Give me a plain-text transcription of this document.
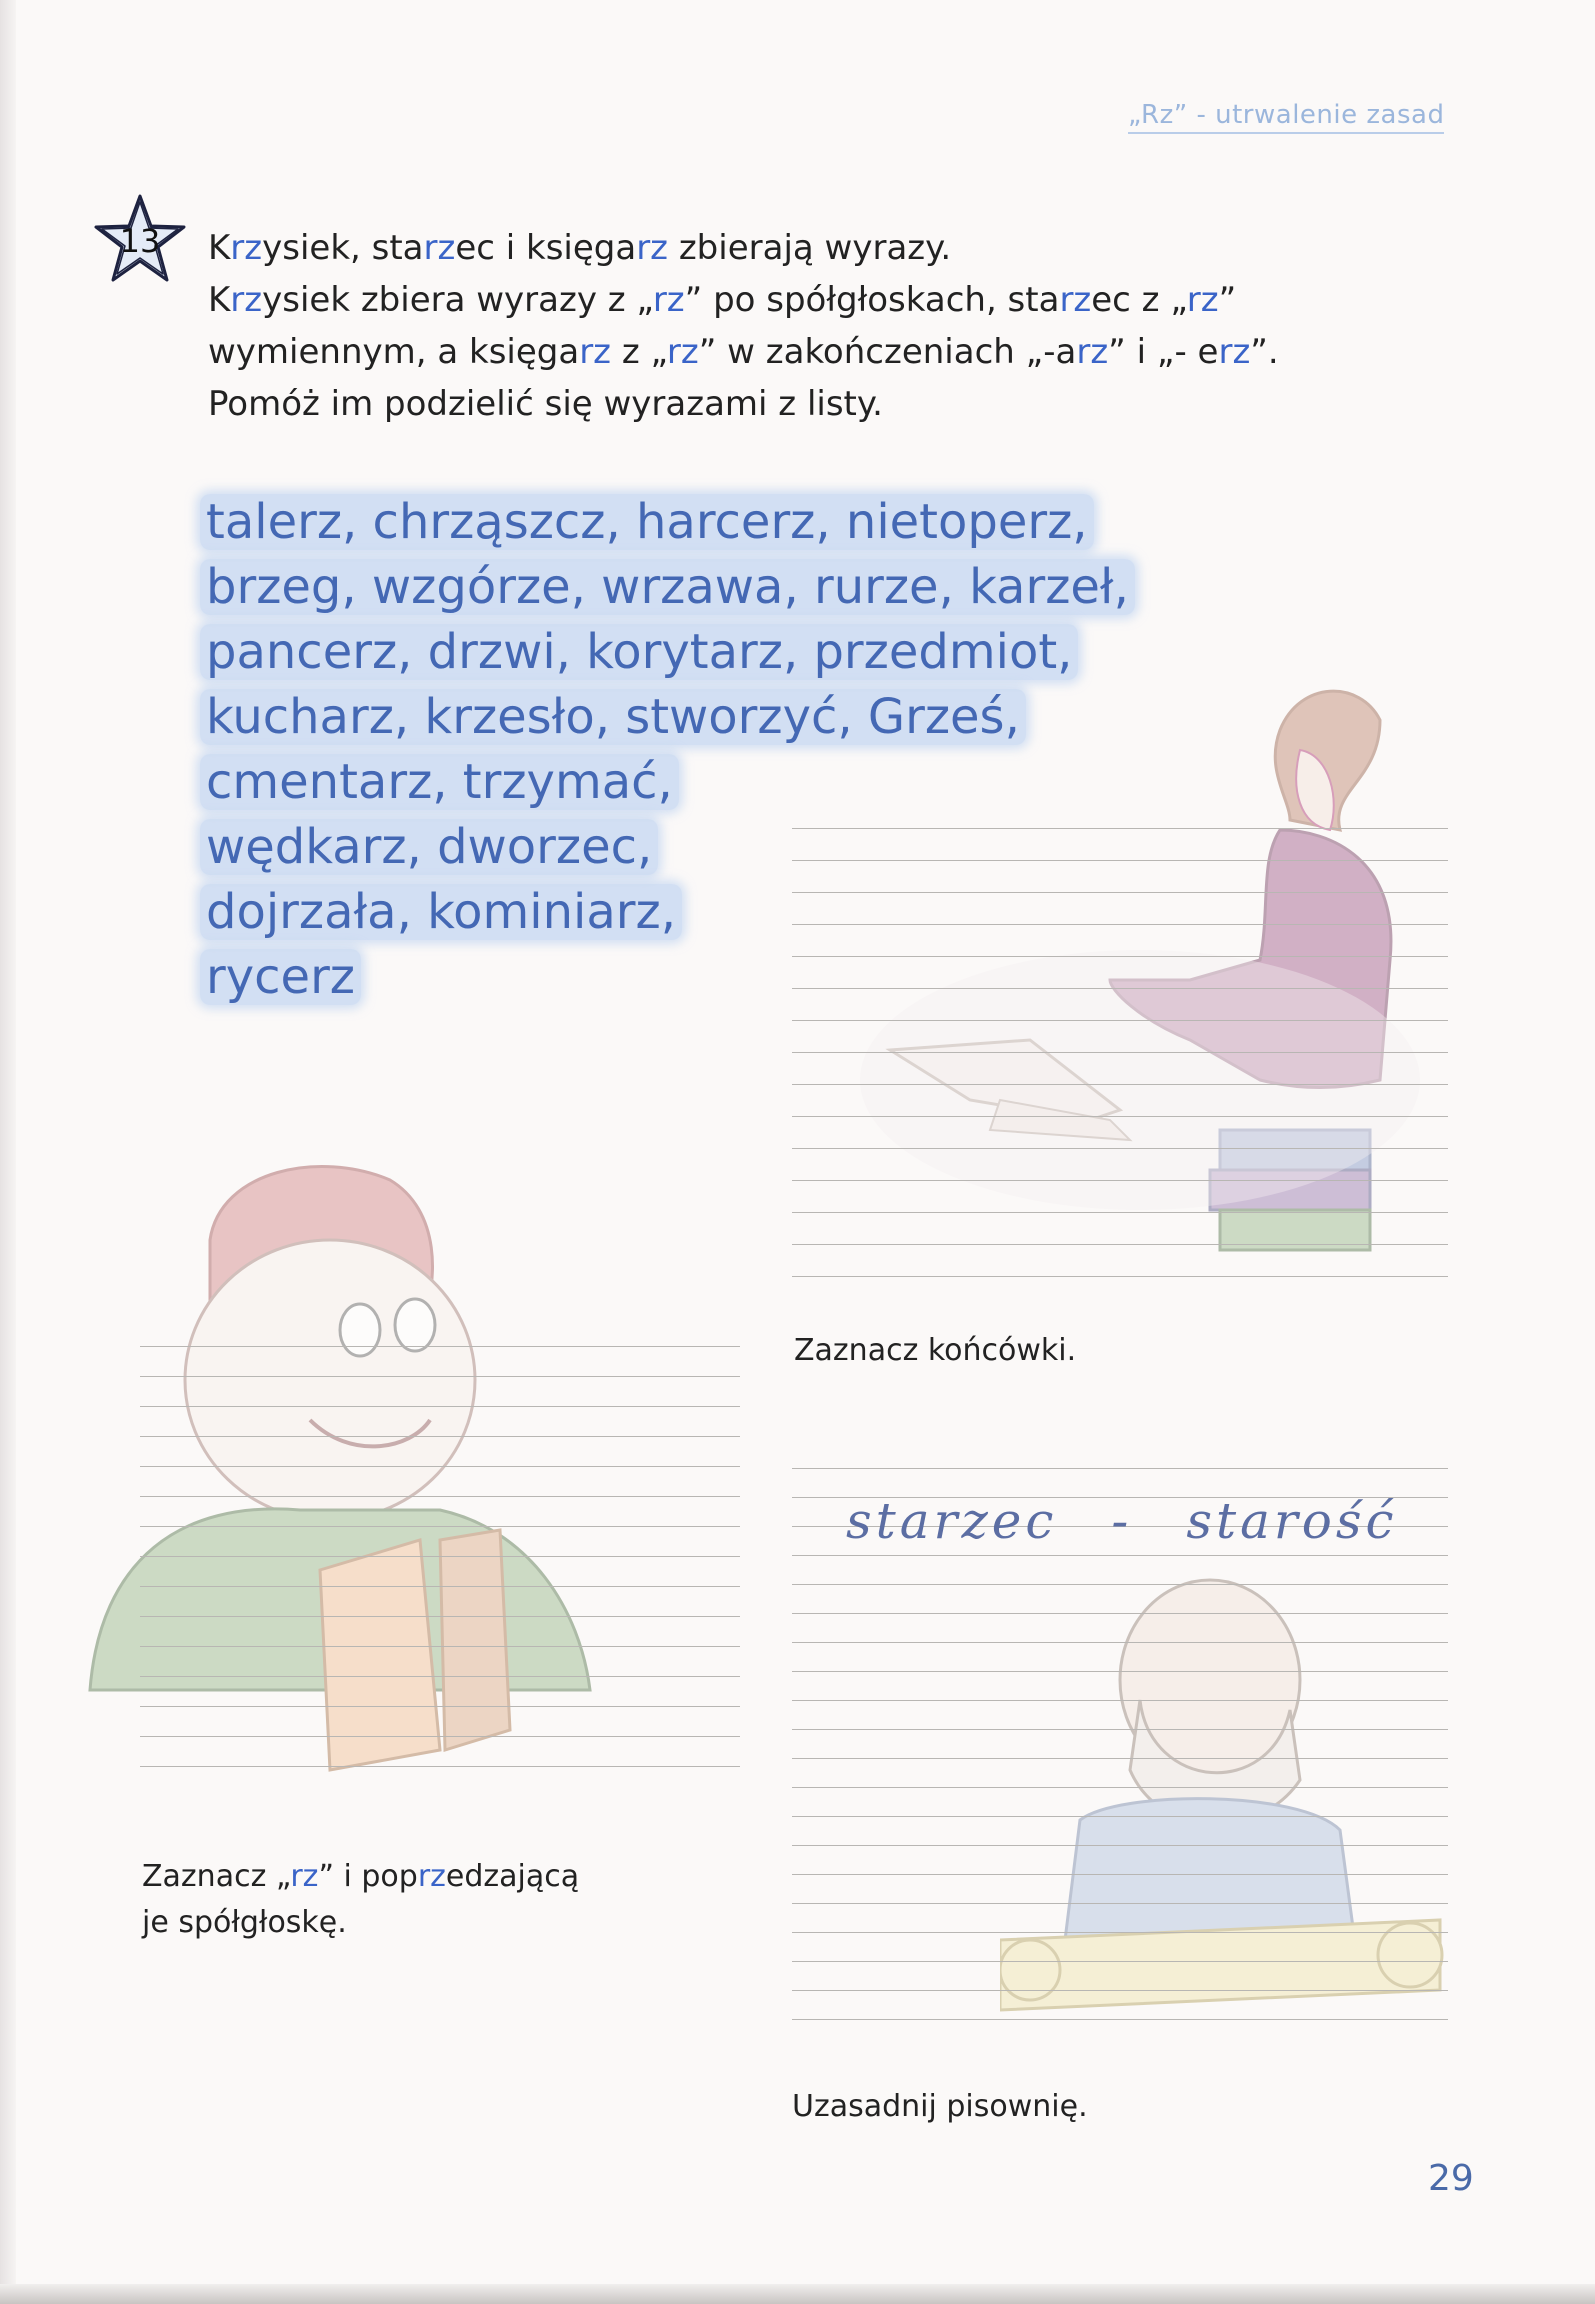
„Rz” - utrwalenie zasad
13	Krzysiek, starzec i księgarz zbierają wyrazy.
Krzysiek zbiera wyrazy z „rz” po spółgłoskach, starzec z „rz”
wymiennym, a księgarz z „rz” w zakończeniach „-arz” i „- erz”.
Pomóż im podzielić się wyrazami z listy.
talerz, chrząszcz, harcerz, nietoperz,
brzeg, wzgórze, wrzawa, rurze, karzeł,
pancerz, drzwi, korytarz, przedmiot,
kucharz, krzesło, stworzyć, Grześ,
cmentarz, trzymać,
wędkarz, dworzec,
dojrzała, kominiarz,
rycerz
starzec - starość
Zaznacz końcówki.
Zaznacz „rz” i poprzedzającą
je spółgłoskę.
Uzasadnij pisownię.
29
